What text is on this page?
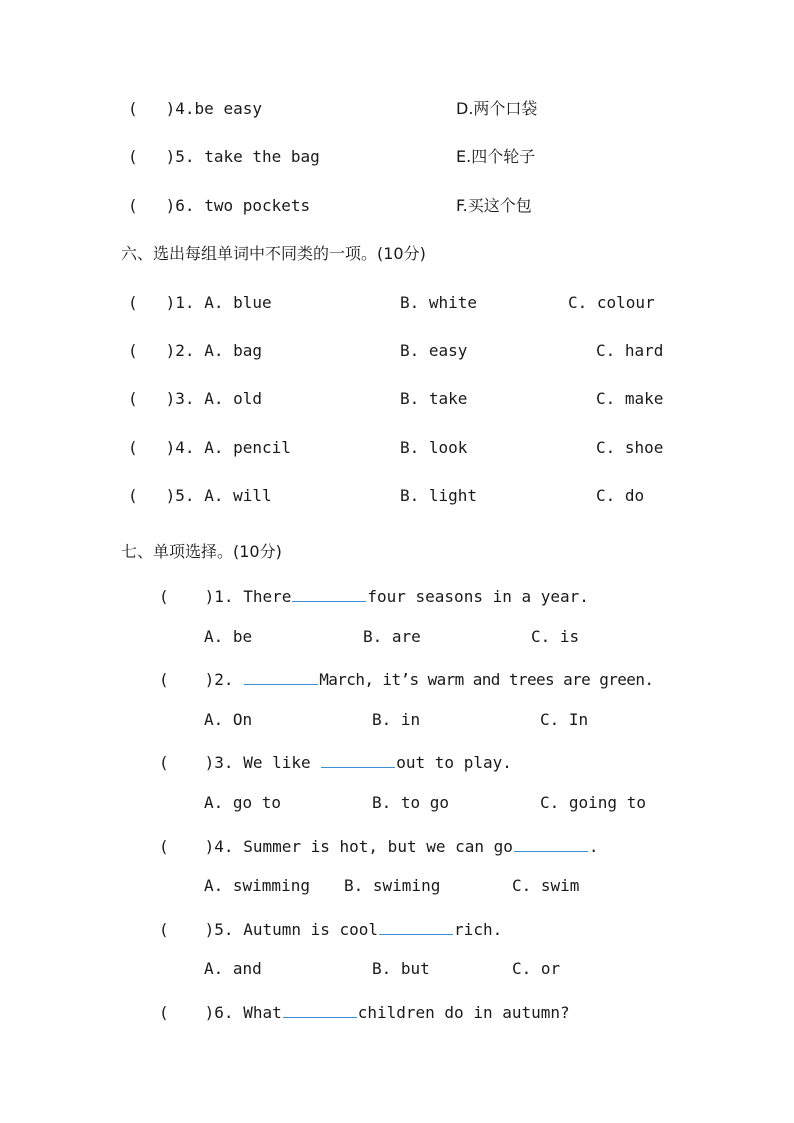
( )4.be easy	D.两个口袋
( )5. take the bag	E.四个轮子
( )6. two pockets	F.买这个包
六、选出每组单词中不同类的一项。(10分)
( )1. A. blue	B. white	C. colour
( )2. A. bag	B. easy	C. hard
( )3. A. old	B. take	C. make
( )4. A. pencil	B. look	C. shoe
( )5. A. will	B. light	C. do
七、单项选择。(10分)
( )1. There	four seasons in a year.
A. be	B. are	C. is
( )2.	March, it’s warm and trees are green.
A. On	B. in	C. In
( )3. We like	out to play.
A. go to	B. to go	C. going to
( )4. Summer is hot, but we can go	.
A. swimming B. swiming	C. swim
( )5. Autumn is cool	rich.
A. and	B. but	C. or
( )6. What	children do in autumn?
